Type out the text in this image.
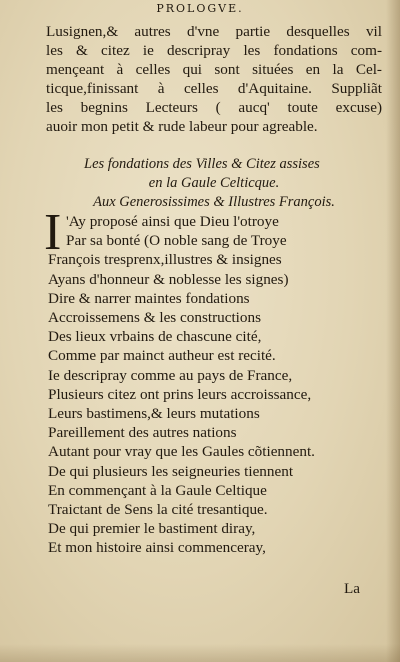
PROLOGVE.
Lusignen,& autres d'vne partie desquelles vil
les & citez ie descripray les fondations com-
mençeant à celles qui sont situées en la Cel-
ticque,finissant à celles d'Aquitaine. Suppliãt
les begnins Lecteurs ( aucq' toute excuse)
auoir mon petit & rude labeur pour agreable.
Les fondations des Villes & Citez assises
en la Gaule Celticque.
Aux Generosissimes & Illustres François.
I 'Ay proposé ainsi que Dieu l'otroye
Par sa bonté (O noble sang de Troye
François tresprenx,illustres & insignes
Ayans d'honneur & noblesse les signes)
Dire & narrer maintes fondations
Accroissemens & les constructions
Des lieux vrbains de chascune cité,
Comme par mainct autheur est recité.
Ie descripray comme au pays de France,
Plusieurs citez ont prins leurs accroissance,
Leurs bastimens,& leurs mutations
Pareillement des autres nations
Autant pour vray que les Gaules cõtiennent.
De qui plusieurs les seigneuries tiennent
En commençant à la Gaule Celtique
Traictant de Sens la cité tresantique.
De qui premier le bastiment diray,
Et mon histoire ainsi commenceray,
La
